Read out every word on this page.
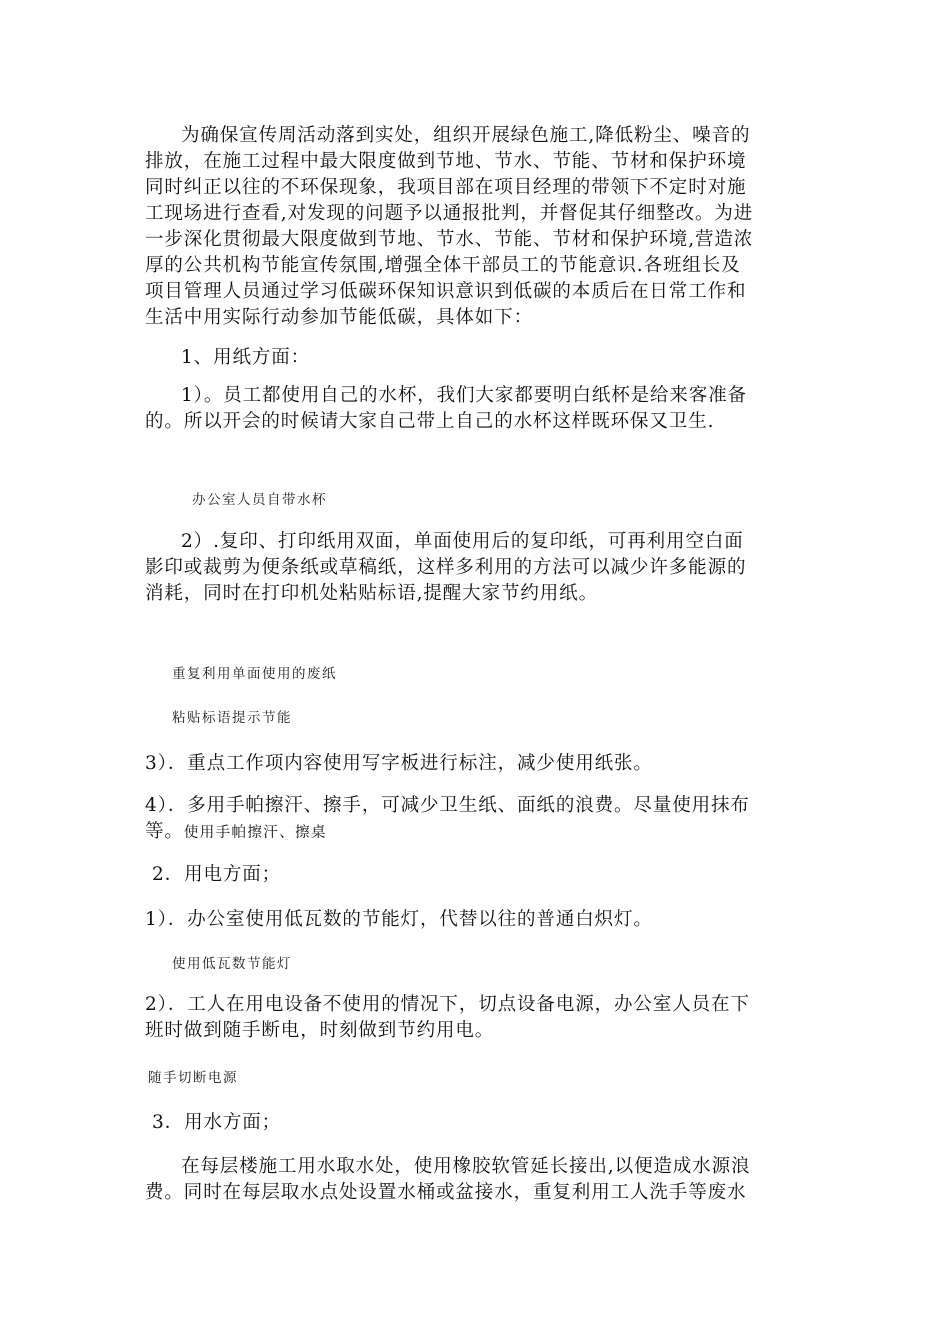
为确保宣传周活动落到实处，组织开展绿色施工,降低粉尘、噪音的
排放，在施工过程中最大限度做到节地、节水、节能、节材和保护环境
同时纠正以往的不环保现象，我项目部在项目经理的带领下不定时对施
工现场进行查看,对发现的问题予以通报批判，并督促其仔细整改。为进
一步深化贯彻最大限度做到节地、节水、节能、节材和保护环境,营造浓
厚的公共机构节能宣传氛围,增强全体干部员工的节能意识.各班组长及
项目管理人员通过学习低碳环保知识意识到低碳的本质后在日常工作和
生活中用实际行动参加节能低碳，具体如下：
1、用纸方面：
1）。员工都使用自己的水杯，我们大家都要明白纸杯是给来客准备
的。所以开会的时候请大家自己带上自己的水杯这样既环保又卫生.
办公室人员自带水杯
2）.复印、打印纸用双面，单面使用后的复印纸，可再利用空白面
影印或裁剪为便条纸或草稿纸，这样多利用的方法可以减少许多能源的
消耗，同时在打印机处粘贴标语,提醒大家节约用纸。
重复利用单面使用的废纸
粘贴标语提示节能
3）．重点工作项内容使用写字板进行标注，减少使用纸张。
4）．多用手帕擦汗、擦手，可减少卫生纸、面纸的浪费。尽量使用抹布
等。使用手帕擦汗、擦桌
2．用电方面；
1）．办公室使用低瓦数的节能灯，代替以往的普通白炽灯。
使用低瓦数节能灯
2）．工人在用电设备不使用的情况下，切点设备电源，办公室人员在下
班时做到随手断电，时刻做到节约用电。
随手切断电源
3．用水方面；
在每层楼施工用水取水处，使用橡胶软管延长接出,以便造成水源浪
费。同时在每层取水点处设置水桶或盆接水，重复利用工人洗手等废水
